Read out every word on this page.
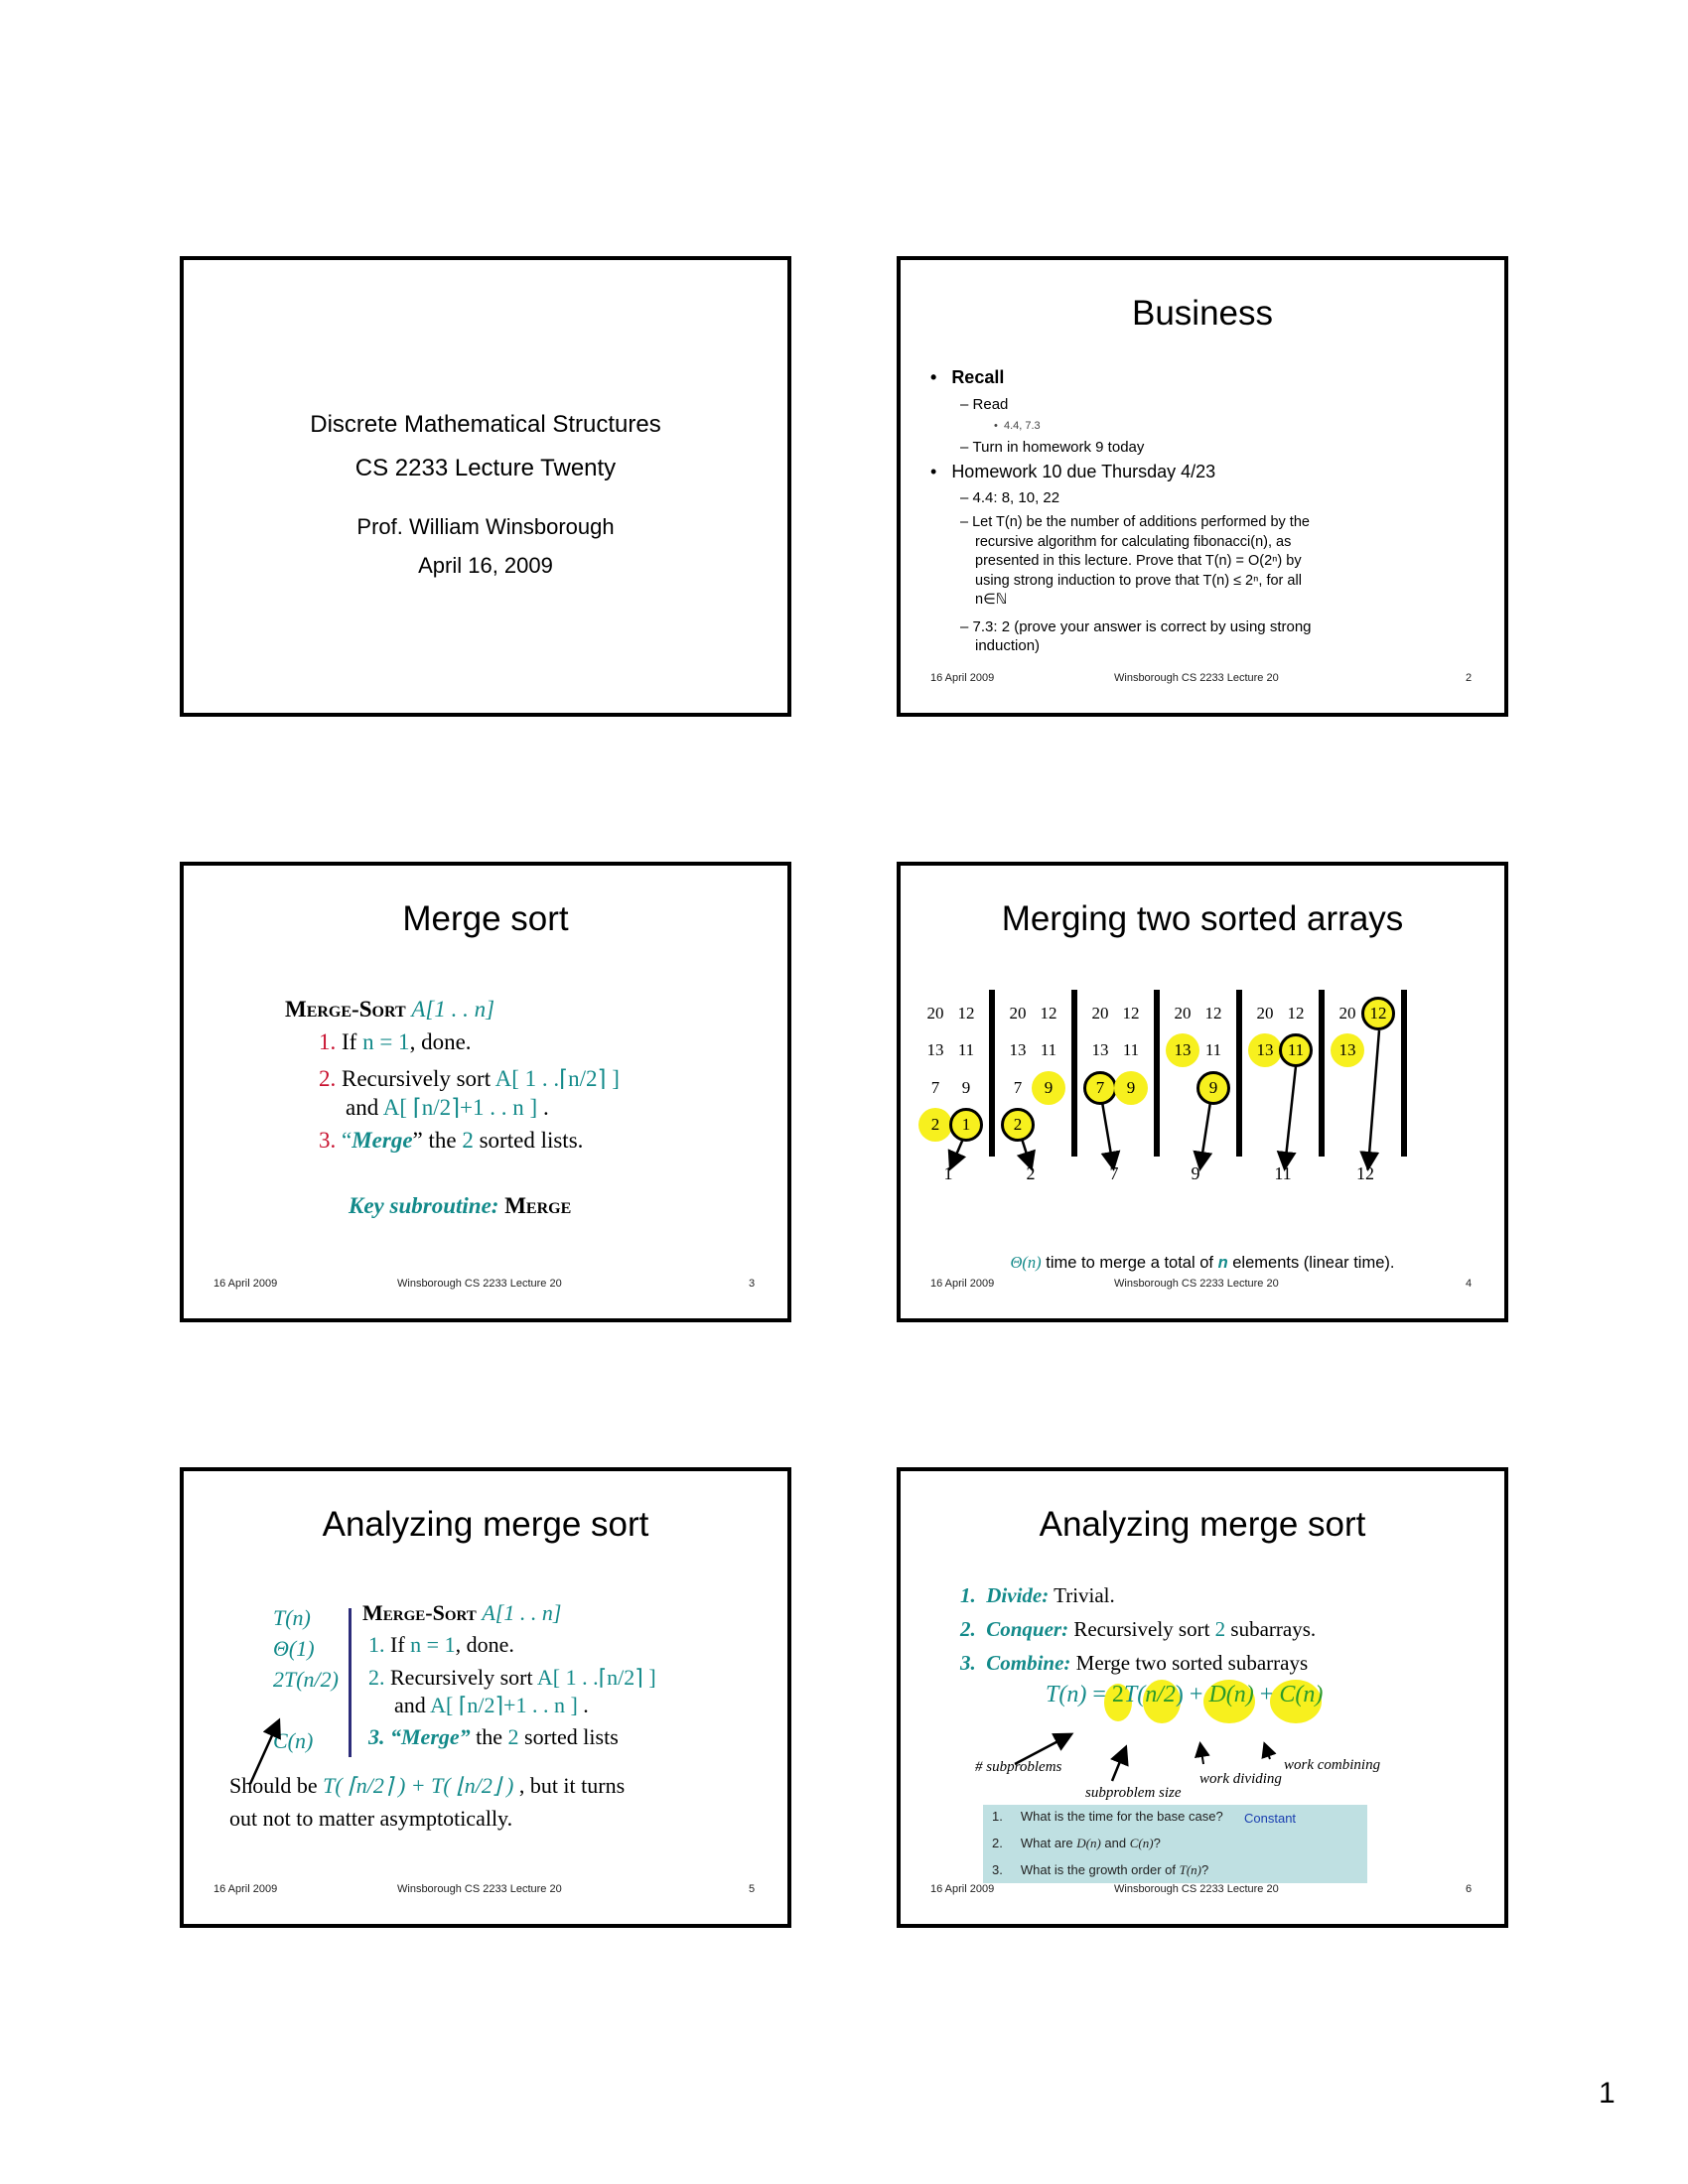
Discrete Mathematical Structures
CS 2233 Lecture Twenty
Prof. William Winsborough
April 16, 2009
Business
•   Recall
– Read
•  4.4, 7.3
– Turn in homework 9 today
•   Homework 10 due Thursday 4/23
– 4.4: 8, 10, 22
– Let T(n) be the number of additions performed by the
recursive algorithm for calculating fibonacci(n), as
presented in this lecture. Prove that T(n) = O(2ⁿ) by
using strong induction to prove that T(n) ≤ 2ⁿ, for all
n∈ℕ
– 7.3: 2 (prove your answer is correct by using strong
induction)
16 April 2009	Winsborough CS 2233 Lecture 20	2
Merge sort
Merge-Sort A[1 . . n]
1. If n = 1, done.
2. Recursively sort A[ 1 . .⌈n/2⌉ ]
and A[ ⌈n/2⌉+1 . . n ] .
3. “Merge” the 2 sorted lists.
Key subroutine: Merge
16 April 2009	Winsborough CS 2233 Lecture 20	3
Merging two sorted arrays
20 12
13 11
7	9
2	1
20 12
13 11
7	9
2
20 12
13 11
7	9
20 12
13 11
9
20 12
13 11
20 12
13
1	2	7	9	11	12
Θ(n) time to merge a total of n elements (linear time).
16 April 2009	Winsborough CS 2233 Lecture 20	4
Analyzing merge sort
T(n)
Θ(1)
2T(n/2)
C(n)
Merge-Sort A[1 . . n]
1. If n = 1, done.
2. Recursively sort A[ 1 . .⌈n/2⌉ ]
and A[ ⌈n/2⌉+1 . . n ] .
3. “Merge” the 2 sorted lists
Should be T( ⌈n/2⌉ ) + T( ⌊n/2⌋ ) , but it turns
out not to matter asymptotically.
16 April 2009	Winsborough CS 2233 Lecture 20	5
Analyzing merge sort
1. Divide: Trivial.
2. Conquer: Recursively sort 2 subarrays.
3. Combine: Merge two sorted subarrays
T(n) = 2T(n/2) + D(n) + C(n)
# subproblems
subproblem size
work dividing
work combining
1. What is the time for the base case? Constant
2. What are D(n) and C(n)?
3. What is the growth order of T(n)?
16 April 2009	Winsborough CS 2233 Lecture 20	6
1
